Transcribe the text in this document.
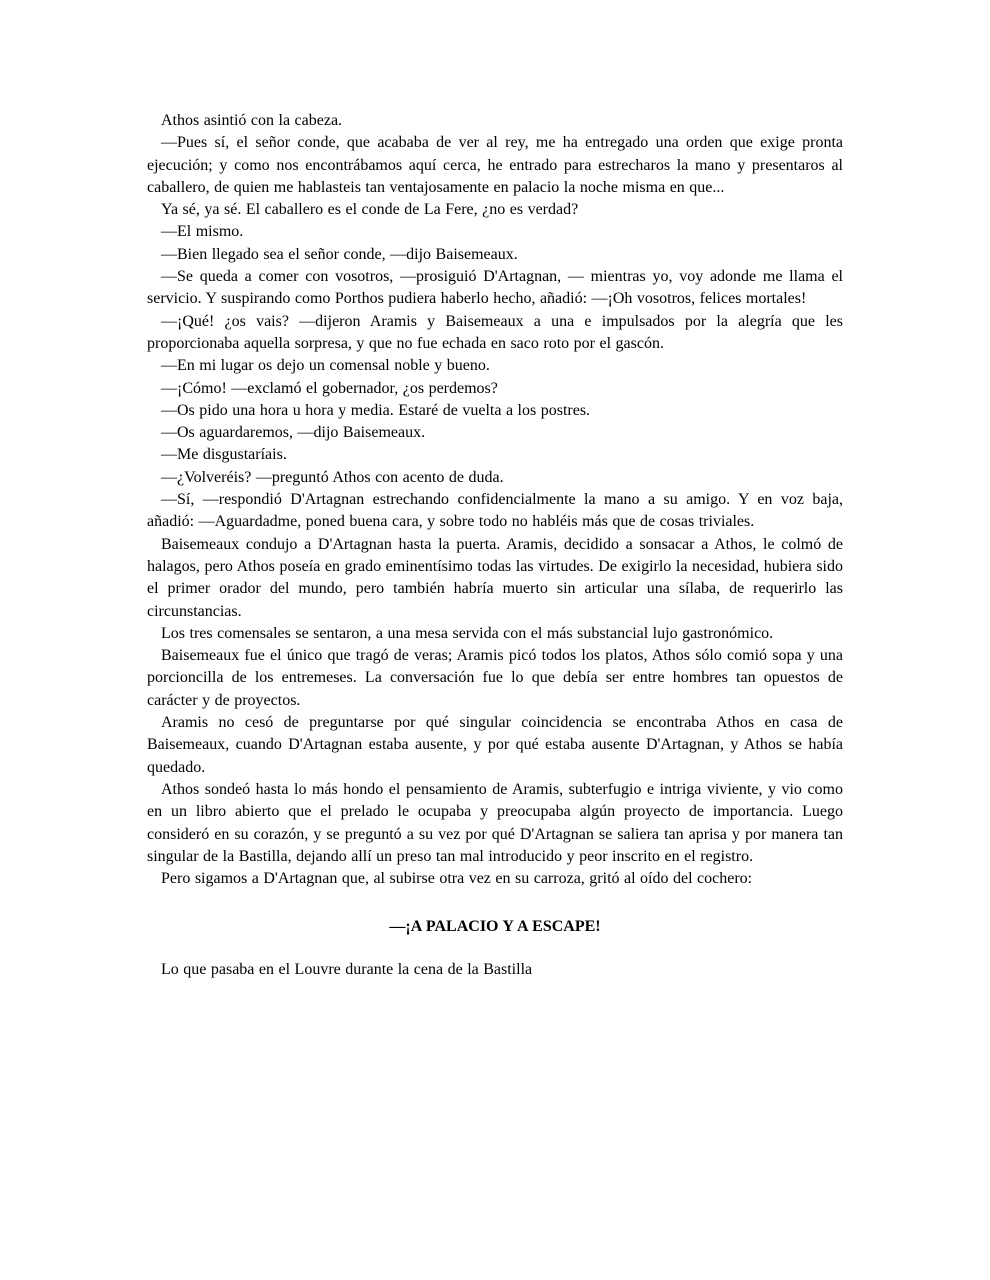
Athos asintió con la cabeza.

—Pues sí, el señor conde, que acababa de ver al rey, me ha entregado una orden que exige pronta ejecución; y como nos encontrábamos aquí cerca, he entrado para estrecharos la mano y presentaros al caballero, de quien me hablasteis tan ventajosamente en palacio la noche misma en que...

Ya sé, ya sé. El caballero es el conde de La Fere, ¿no es verdad?

—El mismo.

—Bien llegado sea el señor conde, —dijo Baisemeaux.

—Se queda a comer con vosotros, —prosiguió D'Artagnan, — mientras yo, voy adonde me llama el servicio. Y suspirando como Porthos pudiera haberlo hecho, añadió: —¡Oh vosotros, felices mortales!

—¡Qué! ¿os vais? —dijeron Aramis y Baisemeaux a una e impulsados por la alegría que les proporcionaba aquella sorpresa, y que no fue echada en saco roto por el gascón.

—En mi lugar os dejo un comensal noble y bueno.

—¡Cómo! —exclamó el gobernador, ¿os perdemos?

—Os pido una hora u hora y media. Estaré de vuelta a los postres.

—Os aguardaremos, —dijo Baisemeaux.

—Me disgustaríais.

—¿Volveréis? —preguntó Athos con acento de duda.

—Sí, —respondió D'Artagnan estrechando confidencialmente la mano a su amigo. Y en voz baja, añadió: —Aguardadme, poned buena cara, y sobre todo no habléis más que de cosas triviales.

Baisemeaux condujo a D'Artagnan hasta la puerta. Aramis, decidido a sonsacar a Athos, le colmó de halagos, pero Athos poseía en grado eminentísimo todas las virtudes. De exigirlo la necesidad, hubiera sido el primer orador del mundo, pero también habría muerto sin articular una sílaba, de requerirlo las circunstancias.

Los tres comensales se sentaron, a una mesa servida con el más substancial lujo gastronómico.

Baisemeaux fue el único que tragó de veras; Aramis picó todos los platos, Athos sólo comió sopa y una porcioncilla de los entremeses. La conversación fue lo que debía ser entre hombres tan opuestos de carácter y de proyectos.

Aramis no cesó de preguntarse por qué singular coincidencia se encontraba Athos en casa de Baisemeaux, cuando D'Artagnan estaba ausente, y por qué estaba ausente D'Artagnan, y Athos se había quedado.

Athos sondeó hasta lo más hondo el pensamiento de Aramis, subterfugio e intriga viviente, y vio como en un libro abierto que el prelado le ocupaba y preocupaba algún proyecto de importancia. Luego consideró en su corazón, y se preguntó a su vez por qué D'Artagnan se saliera tan aprisa y por manera tan singular de la Bastilla, dejando allí un preso tan mal introducido y peor inscrito en el registro.

Pero sigamos a D'Artagnan que, al subirse otra vez en su carroza, gritó al oído del cochero:

—¡A PALACIO Y A ESCAPE!

Lo que pasaba en el Louvre durante la cena de la Bastilla
